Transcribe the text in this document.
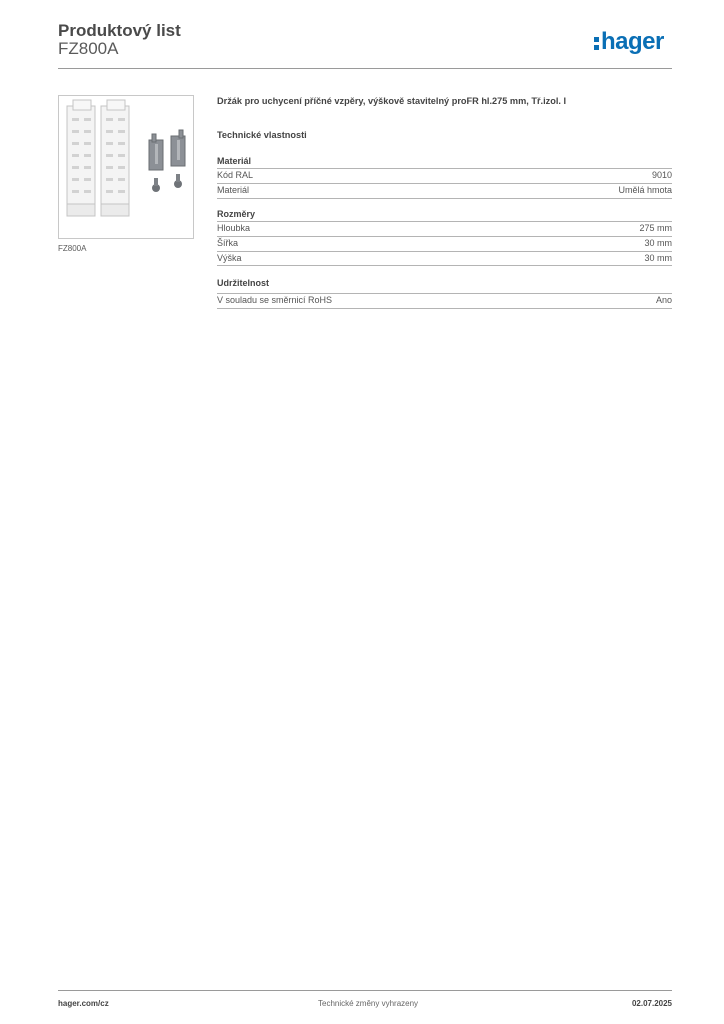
Produktový list
FZ800A	hager
FZ800A
Držák pro uchycení příčné vzpěry, výškově stavitelný proFR hl.275 mm, Tř.izol. I
Technické vlastnosti
Materiál
Kód RAL	9010
Materiál	Umělá hmota
Rozměry
Hloubka	275 mm
Šířka	30 mm
Výška	30 mm
Udržitelnost
V souladu se směrnicí RoHS	Ano
hager.com/cz	Technické změny vyhrazeny	02.07.2025
